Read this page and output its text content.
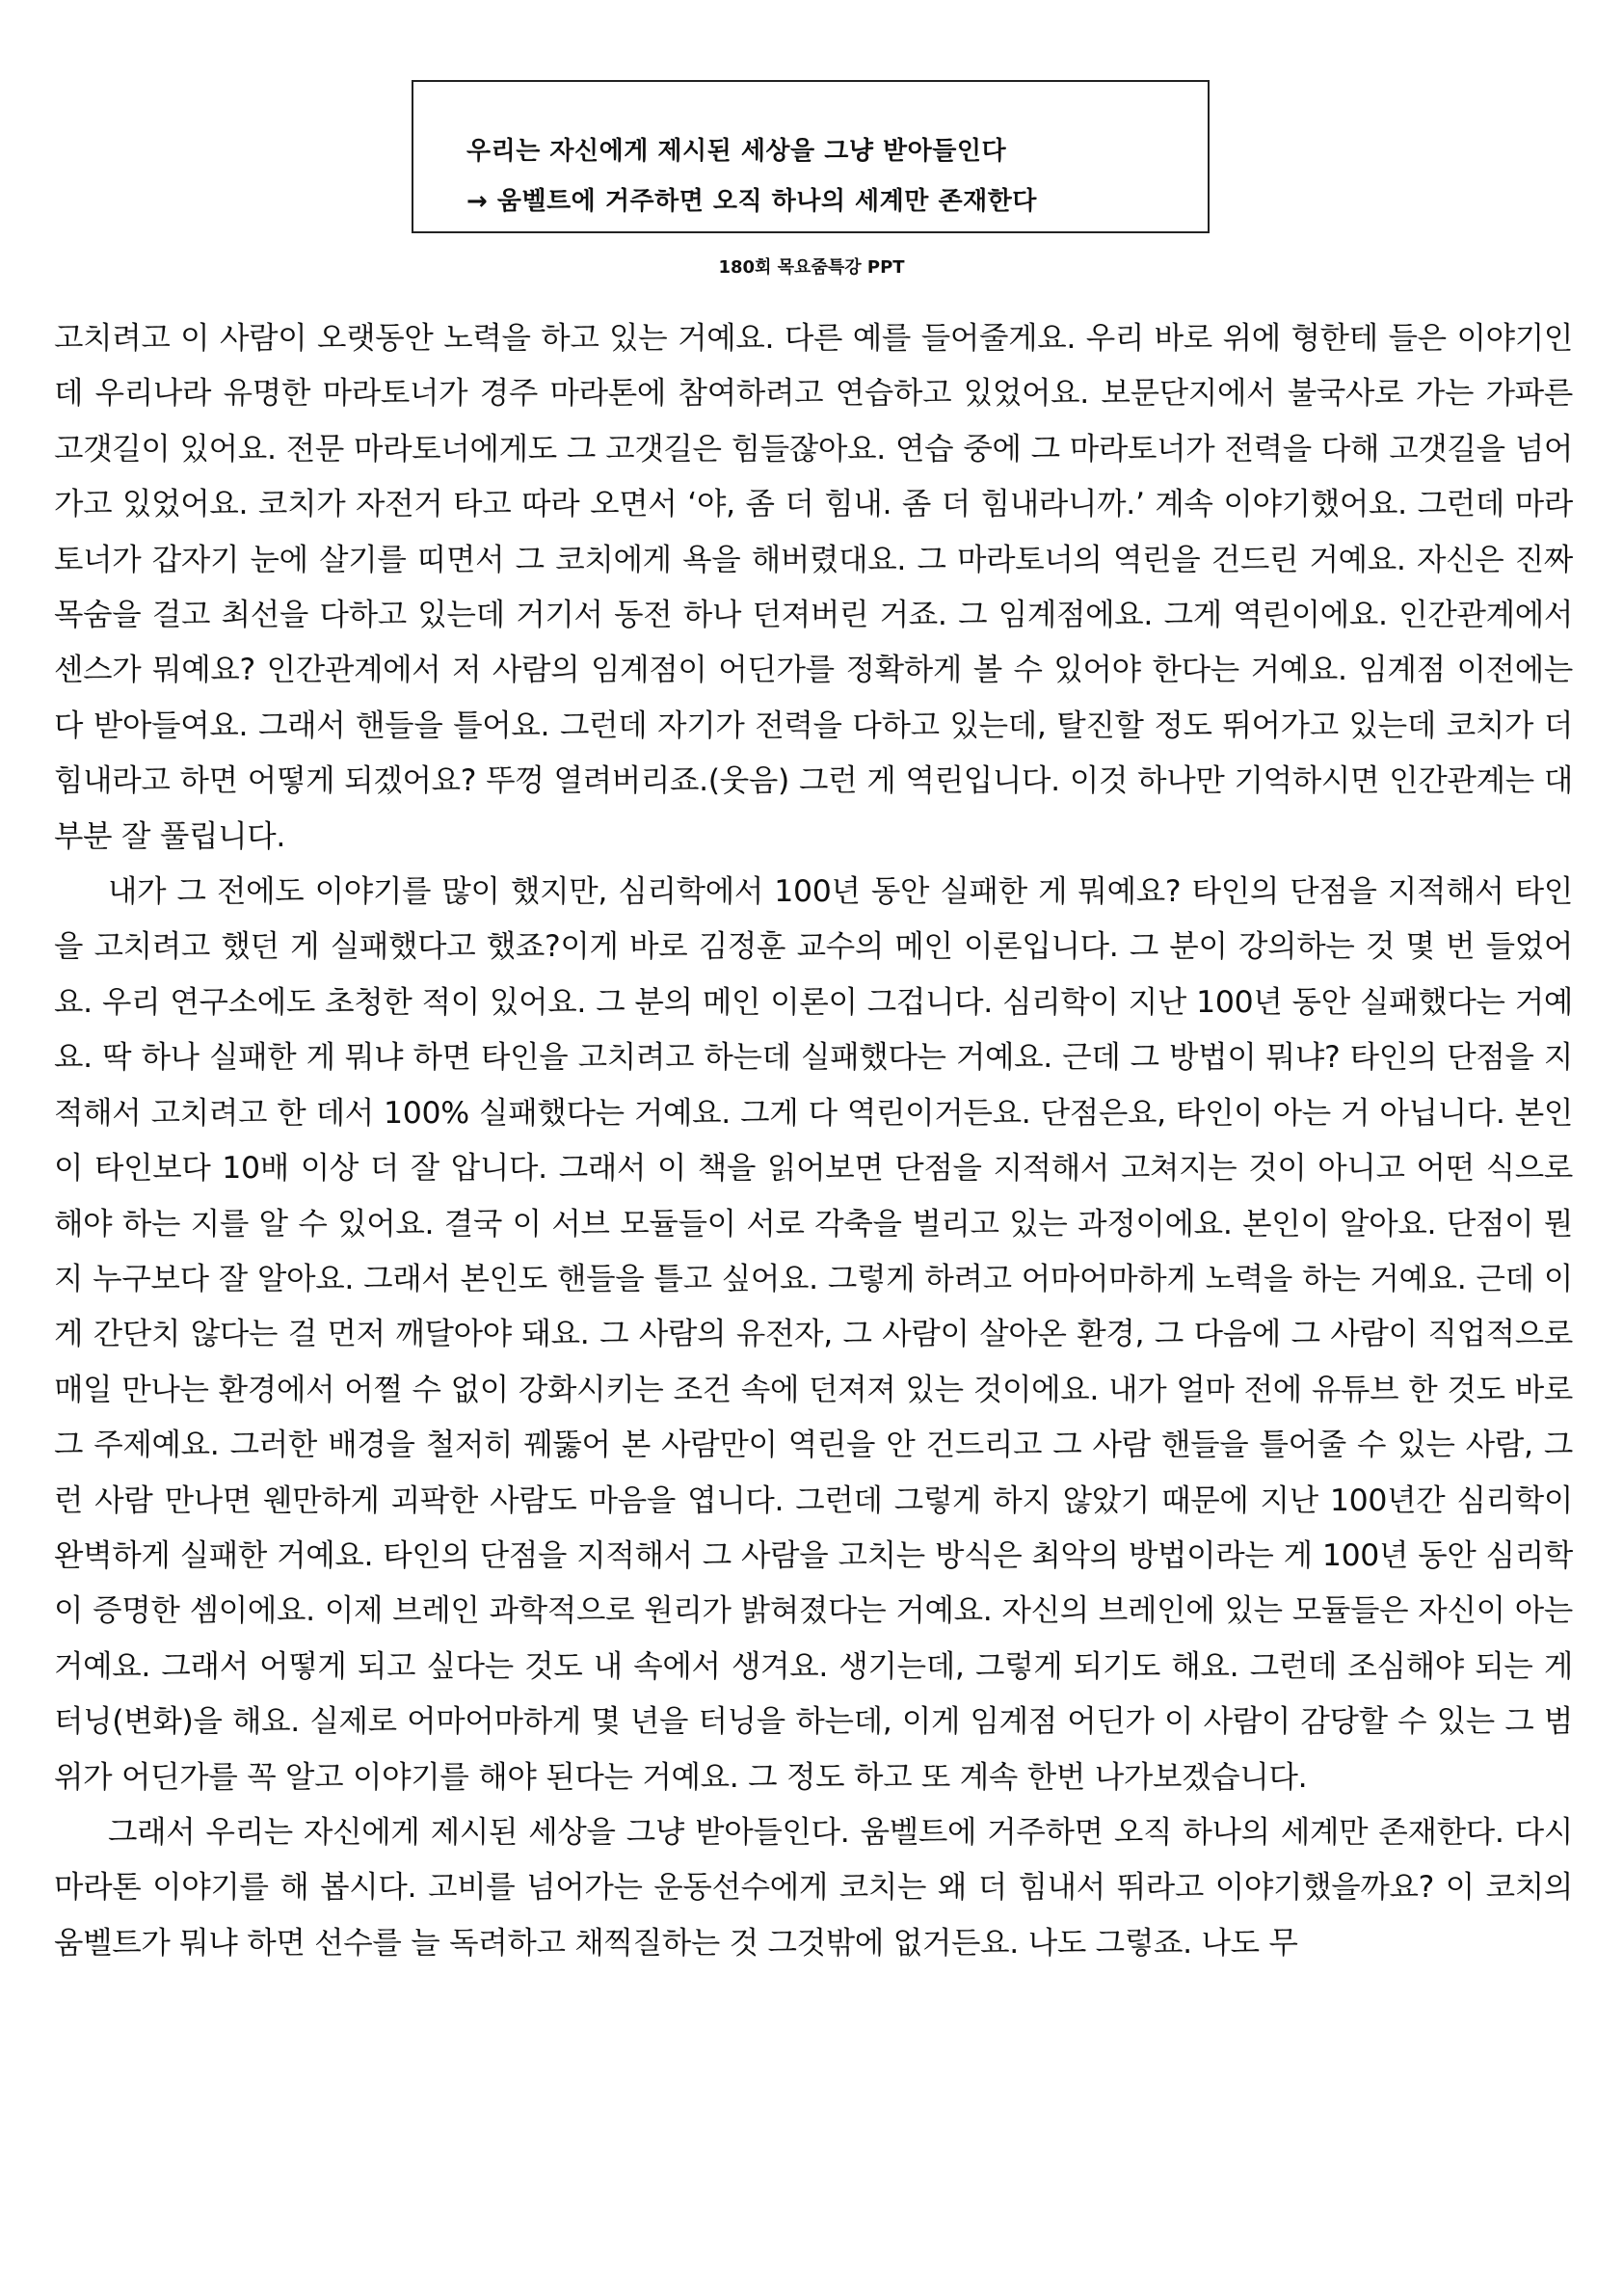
우리는 자신에게 제시된 세상을 그냥 받아들인다
→ 움벨트에 거주하면 오직 하나의 세계만 존재한다
180회 목요줌특강 PPT

고치려고 이 사람이 오랫동안 노력을 하고 있는 거예요. 다른 예를 들어줄게요. 우리 바로 위에 형한테 들은 이야기인데 우리나라 유명한 마라토너가 경주 마라톤에 참여하려고 연습하고 있었어요. 보문단지에서 불국사로 가는 가파른 고갯길이 있어요. 전문 마라토너에게도 그 고갯길은 힘들잖아요. 연습 중에 그 마라토너가 전력을 다해 고갯길을 넘어가고 있었어요. 코치가 자전거 타고 따라 오면서 ‘야, 좀 더 힘내. 좀 더 힘내라니까.’ 계속 이야기했어요. 그런데 마라토너가 갑자기 눈에 살기를 띠면서 그 코치에게 욕을 해버렸대요. 그 마라토너의 역린을 건드린 거예요. 자신은 진짜 목숨을 걸고 최선을 다하고 있는데 거기서 동전 하나 던져버린 거죠. 그 임계점에요. 그게 역린이에요. 인간관계에서 센스가 뭐예요? 인간관계에서 저 사람의 임계점이 어딘가를 정확하게 볼 수 있어야 한다는 거예요. 임계점 이전에는 다 받아들여요. 그래서 핸들을 틀어요. 그런데 자기가 전력을 다하고 있는데, 탈진할 정도 뛰어가고 있는데 코치가 더 힘내라고 하면 어떻게 되겠어요? 뚜껑 열려버리죠.(웃음) 그런 게 역린입니다. 이것 하나만 기억하시면 인간관계는 대부분 잘 풀립니다.

내가 그 전에도 이야기를 많이 했지만, 심리학에서 100년 동안 실패한 게 뭐예요? 타인의 단점을 지적해서 타인을 고치려고 했던 게 실패했다고 했죠?이게 바로 김정훈 교수의 메인 이론입니다. 그 분이 강의하는 것 몇 번 들었어요. 우리 연구소에도 초청한 적이 있어요. 그 분의 메인 이론이 그겁니다. 심리학이 지난 100년 동안 실패했다는 거예요. 딱 하나 실패한 게 뭐냐 하면 타인을 고치려고 하는데 실패했다는 거예요. 근데 그 방법이 뭐냐? 타인의 단점을 지적해서 고치려고 한 데서 100% 실패했다는 거예요. 그게 다 역린이거든요. 단점은요, 타인이 아는 거 아닙니다. 본인이 타인보다 10배 이상 더 잘 압니다. 그래서 이 책을 읽어보면 단점을 지적해서 고쳐지는 것이 아니고 어떤 식으로 해야 하는 지를 알 수 있어요. 결국 이 서브 모듈들이 서로 각축을 벌리고 있는 과정이에요. 본인이 알아요. 단점이 뭔지 누구보다 잘 알아요. 그래서 본인도 핸들을 틀고 싶어요. 그렇게 하려고 어마어마하게 노력을 하는 거예요. 근데 이게 간단치 않다는 걸 먼저 깨달아야 돼요. 그 사람의 유전자, 그 사람이 살아온 환경, 그 다음에 그 사람이 직업적으로 매일 만나는 환경에서 어쩔 수 없이 강화시키는 조건 속에 던져져 있는 것이에요. 내가 얼마 전에 유튜브 한 것도 바로 그 주제예요. 그러한 배경을 철저히 꿰뚫어 본 사람만이 역린을 안 건드리고 그 사람 핸들을 틀어줄 수 있는 사람, 그런 사람 만나면 웬만하게 괴팍한 사람도 마음을 엽니다. 그런데 그렇게 하지 않았기 때문에 지난 100년간 심리학이 완벽하게 실패한 거예요. 타인의 단점을 지적해서 그 사람을 고치는 방식은 최악의 방법이라는 게 100년 동안 심리학이 증명한 셈이에요. 이제 브레인 과학적으로 원리가 밝혀졌다는 거예요. 자신의 브레인에 있는 모듈들은 자신이 아는 거예요. 그래서 어떻게 되고 싶다는 것도 내 속에서 생겨요. 생기는데, 그렇게 되기도 해요. 그런데 조심해야 되는 게 터닝(변화)을 해요. 실제로 어마어마하게 몇 년을 터닝을 하는데, 이게 임계점 어딘가 이 사람이 감당할 수 있는 그 범위가 어딘가를 꼭 알고 이야기를 해야 된다는 거예요. 그 정도 하고 또 계속 한번 나가보겠습니다.

그래서 우리는 자신에게 제시된 세상을 그냥 받아들인다. 움벨트에 거주하면 오직 하나의 세계만 존재한다. 다시 마라톤 이야기를 해 봅시다. 고비를 넘어가는 운동선수에게 코치는 왜 더 힘내서 뛰라고 이야기했을까요? 이 코치의 움벨트가 뭐냐 하면 선수를 늘 독려하고 채찍질하는 것 그것밖에 없거든요. 나도 그렇죠. 나도 무
